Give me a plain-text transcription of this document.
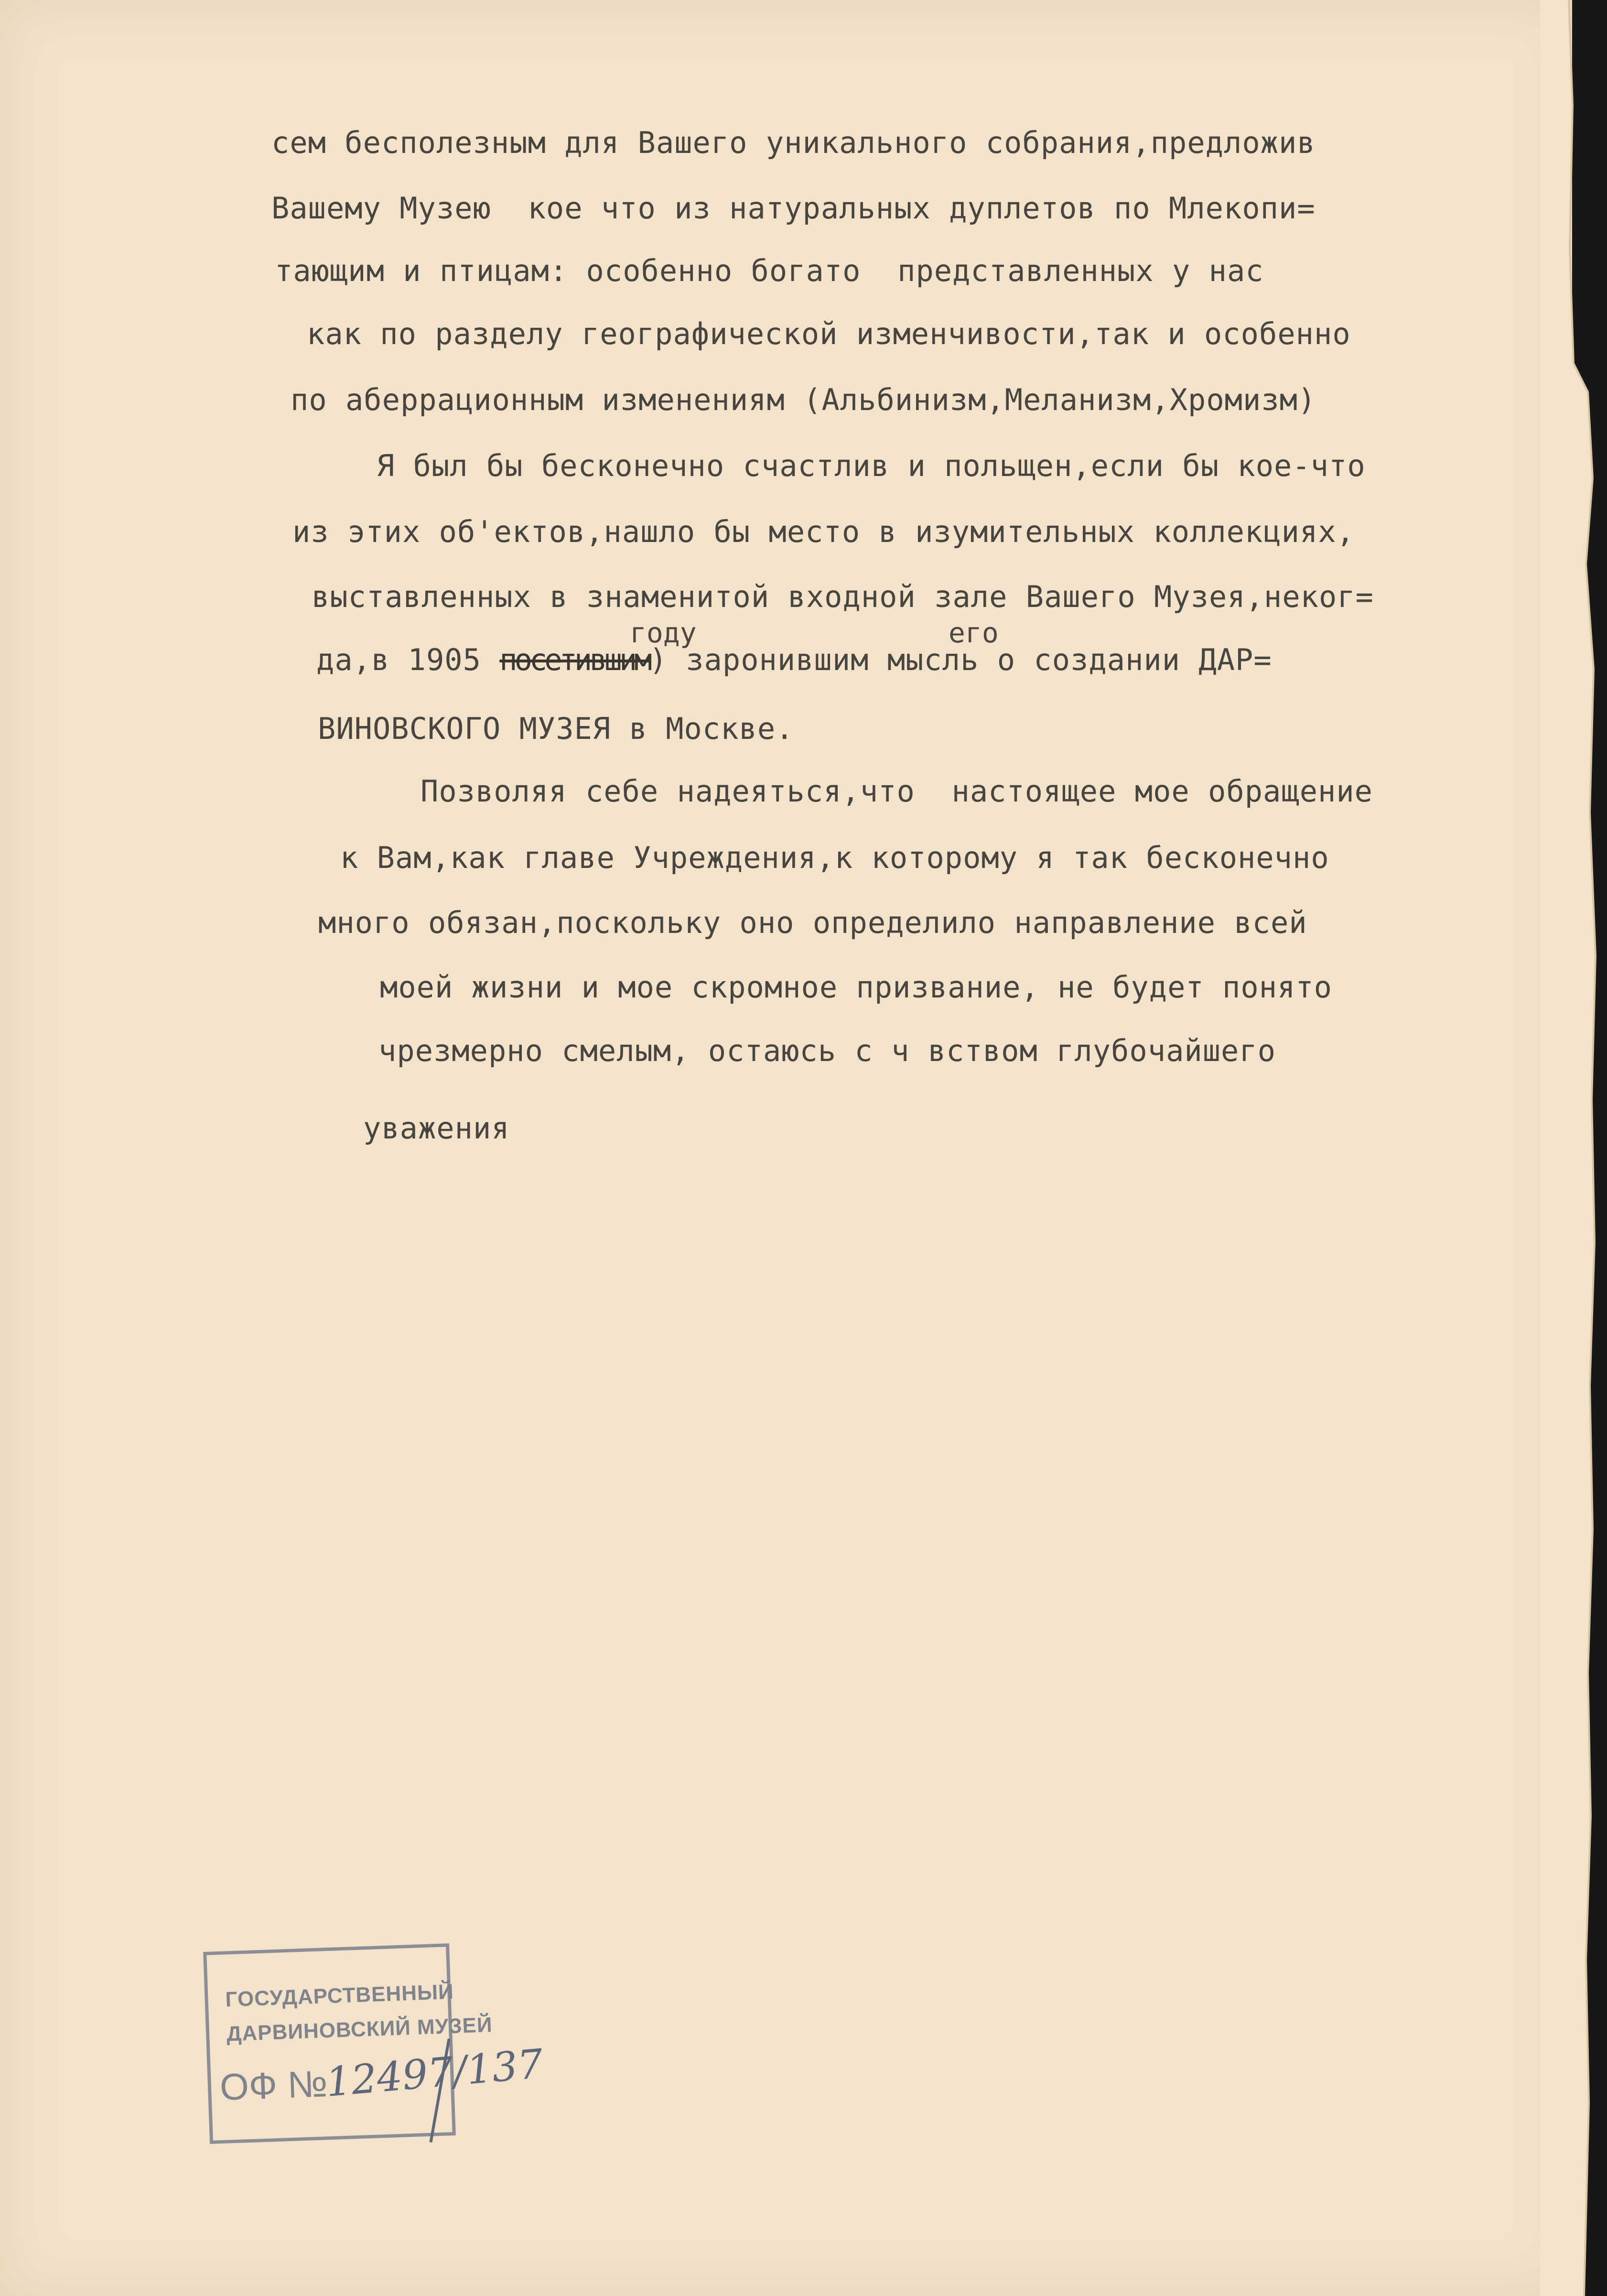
сем бесполезным для Вашего уникального собрания,предложив

Вашему Музею  кое что из натуральных дуплетов по Млекопи=

тающим и птицам: особенно богато  представленных у нас

как по разделу географической изменчивости,так и особенно

по аберрационным изменениям (Альбинизм,Меланизм,Хромизм)

Я был бы бесконечно счастлив и польщен,если бы кое-что

из этих об'ектов,нашло бы место в изумительных коллекциях,

выставленных в знаменитой входной зале Вашего Музея,неког=

году	его

да,в 1905 посетившим) заронившим мысль о создании ДАР=

ВИНОВСКОГО МУЗЕЯ в Москве.

Позволяя себе надеяться,что  настоящее мое обращение

к Вам,как главе Учреждения,к которому я так бесконечно

много обязан,поскольку оно определило направление всей

моей жизни и мое скромное призвание, не будет понято

чрезмерно смелым, остаюсь с ч вством глубочайшего

уважения

ГОСУДАРСТВЕННЫЙ
ДАРВИНОВСКИЙ МУЗЕЙ
ОФ №
12497/137
